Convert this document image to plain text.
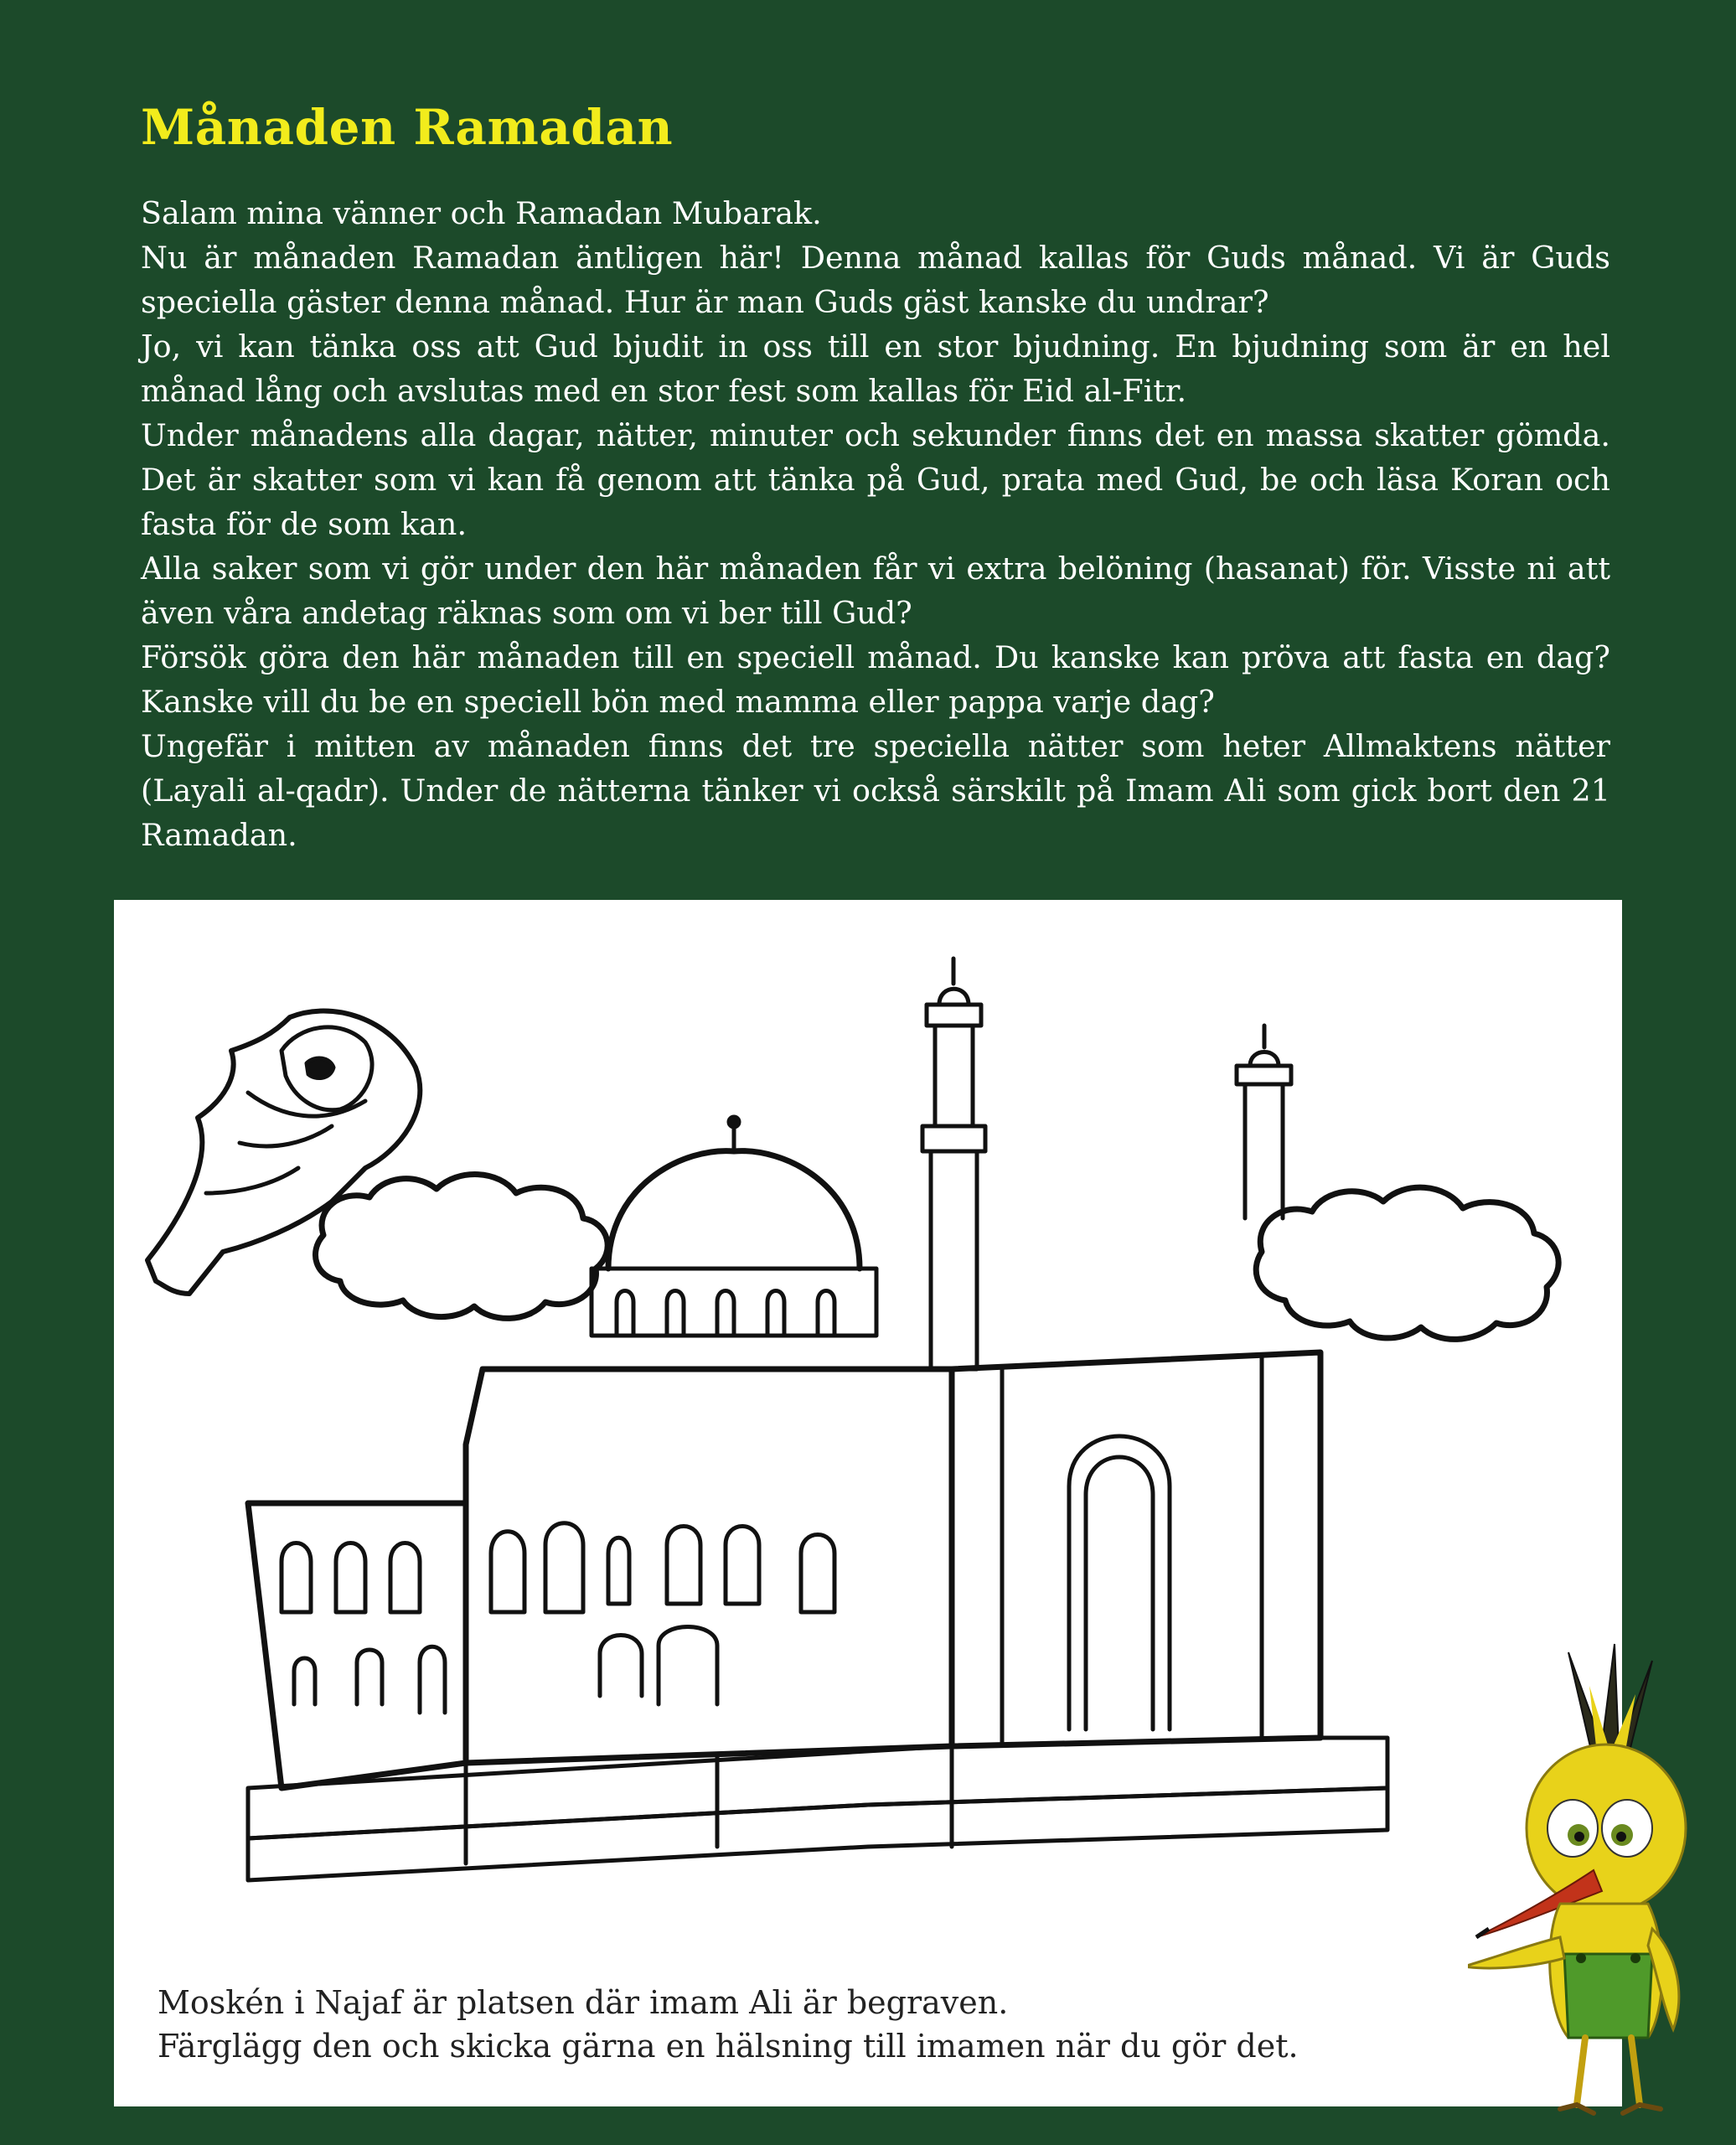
Månaden Ramadan

Salam mina vänner och Ramadan Mubarak.

Nu är månaden Ramadan äntligen här! Denna månad kallas för Guds månad. Vi är Guds speciella gäster denna månad. Hur är man Guds gäst kanske du undrar?

Jo, vi kan tänka oss att Gud bjudit in oss till en stor bjudning. En bjudning som är en hel månad lång och avslutas med en stor fest som kallas för Eid al-Fitr.

Under månadens alla dagar, nätter, minuter och sekunder finns det en massa skatter gömda. Det är skatter som vi kan få genom att tänka på Gud, prata med Gud, be och läsa Koran och fasta för de som kan.

Alla saker som vi gör under den här månaden får vi extra belöning (hasanat) för. Visste ni att även våra andetag räknas som om vi ber till Gud?

Försök göra den här månaden till en speciell månad. Du kanske kan pröva att fasta en dag? Kanske vill du be en speciell bön med mamma eller pappa varje dag?

Ungefär i mitten av månaden finns det tre speciella nätter som heter Allmaktens nätter (Layali al-qadr). Under de nätterna tänker vi också särskilt på Imam Ali som gick bort den 21 Ramadan.

Moskén i Najaf är platsen där imam Ali är begraven.

Färglägg den och skicka gärna en hälsning till imamen när du gör det.
